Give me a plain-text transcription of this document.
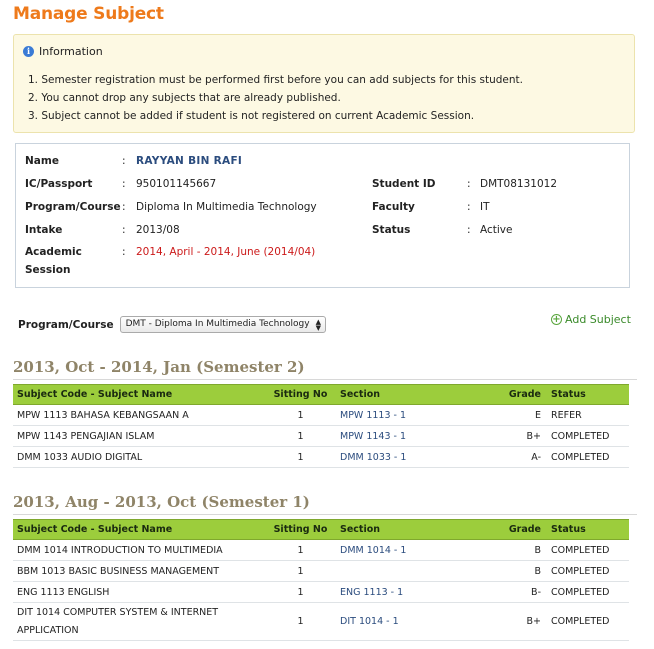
Manage Subject
i Information
1. Semester registration must be performed first before you can add subjects for this student.
2. You cannot drop any subjects that are already published.
3. Subject cannot be added if student is not registered on current Academic Session.
Name	: RAYYAN BIN RAFI
IC/Passport	: 950101145667
Program/Course : Diploma In Multimedia Technology
Intake	: 2013/08
Academic
Session
: 2014, April - 2014, June (2014/04)
Student ID	: DMT08131012
Faculty	: IT
Status	: Active
Program/Course DMT - Diploma In Multimedia Technology ▲
▼
+ Add Subject
2013, Oct - 2014, Jan (Semester 2)
Subject Code - Subject Name	Sitting No	Section	Grade	Status
MPW 1113 BAHASA KEBANGSAAN A	1	MPW 1113 - 1	E	REFER
MPW 1143 PENGAJIAN ISLAM	1	MPW 1143 - 1	B+	COMPLETED
DMM 1033 AUDIO DIGITAL	1	DMM 1033 - 1	A-	COMPLETED
2013, Aug - 2013, Oct (Semester 1)
Subject Code - Subject Name	Sitting No	Section	Grade	Status
DMM 1014 INTRODUCTION TO MULTIMEDIA	1	DMM 1014 - 1	B	COMPLETED
BBM 1013 BASIC BUSINESS MANAGEMENT	1		B	COMPLETED
ENG 1113 ENGLISH	1	ENG 1113 - 1	B-	COMPLETED
DIT 1014 COMPUTER SYSTEM & INTERNET APPLICATION	1	DIT 1014 - 1	B+	COMPLETED
